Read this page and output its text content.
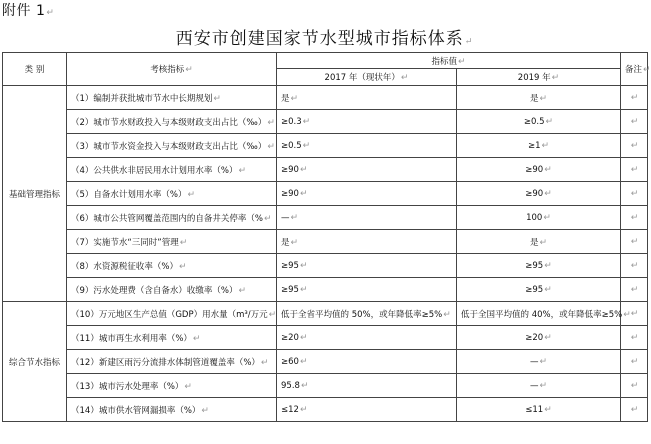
附件 1↵
西安市创建国家节水型城市指标体系↵
类 别	考核指标↵	指标值↵		备注↵
		2017 年（现状年）↵	2019 年↵	
基础管理指标	（1）编制并获批城市节水中长期规划↵	是↵	是↵	↵
	（2）城市节水财政投入与本级财政支出占比（‰）↵	≥0.3↵	≥0.5↵	↵
	（3）城市节水资金投入与本级财政支出占比（‰）↵	≥0.5↵	≥1↵	↵
	（4）公共供水非居民用水计划用水率（%）↵	≥90↵	≥90↵	↵
	（5）自备水计划用水率（%）↵	≥90↵	≥90↵	↵
	（6）城市公共管网覆盖范围内的自备井关停率（%↵	—↵	100↵	↵
	（7）实施节水“三同时”管理↵	是↵	是↵	↵
	（8）水资源税征收率（%）↵	≥95↵	≥95↵	↵
	（9）污水处理费（含自备水）收缴率（%）↵	≥95↵	≥95↵	↵
综合节水指标	（10）万元地区生产总值（GDP）用水量（m³/万元↵	低于全省平均值的 50%，或年降低率≥5%↵	低于全国平均值的 40%，或年降低率≥5%↵	↵
	（11）城市再生水利用率（%）↵	≥20↵	≥20↵	↵
	（12）新建区雨污分流排水体制管道覆盖率（%）↵	≥60↵	—↵	↵
	（13）城市污水处理率（%）↵	95.8↵	—↵	↵
	（14）城市供水管网漏损率（%）↵	≤12↵	≤11↵	↵
